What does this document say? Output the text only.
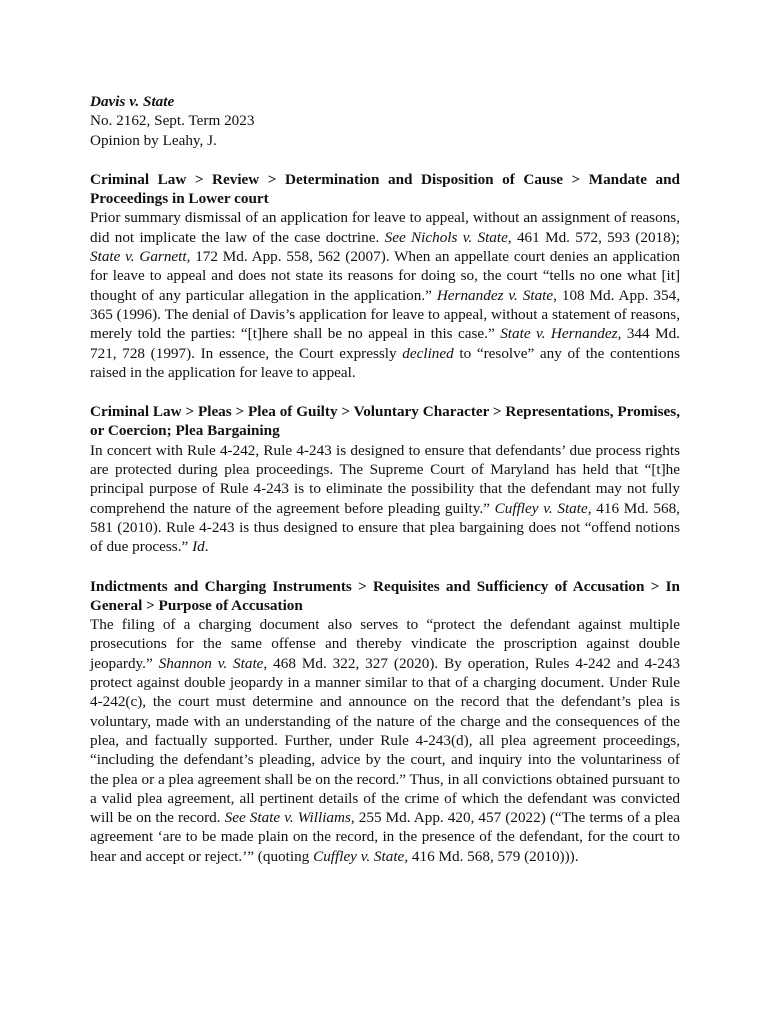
Davis v. State
No. 2162, Sept. Term 2023
Opinion by Leahy, J.
Criminal Law > Review > Determination and Disposition of Cause > Mandate and Proceedings in Lower court
Prior summary dismissal of an application for leave to appeal, without an assignment of reasons, did not implicate the law of the case doctrine. See Nichols v. State, 461 Md. 572, 593 (2018); State v. Garnett, 172 Md. App. 558, 562 (2007). When an appellate court denies an application for leave to appeal and does not state its reasons for doing so, the court “tells no one what [it] thought of any particular allegation in the application.” Hernandez v. State, 108 Md. App. 354, 365 (1996). The denial of Davis’s application for leave to appeal, without a statement of reasons, merely told the parties: “[t]here shall be no appeal in this case.” State v. Hernandez, 344 Md. 721, 728 (1997). In essence, the Court expressly declined to “resolve” any of the contentions raised in the application for leave to appeal.
Criminal Law > Pleas > Plea of Guilty > Voluntary Character > Representations, Promises, or Coercion; Plea Bargaining
In concert with Rule 4-242, Rule 4-243 is designed to ensure that defendants’ due process rights are protected during plea proceedings. The Supreme Court of Maryland has held that “[t]he principal purpose of Rule 4-243 is to eliminate the possibility that the defendant may not fully comprehend the nature of the agreement before pleading guilty.” Cuffley v. State, 416 Md. 568, 581 (2010). Rule 4-243 is thus designed to ensure that plea bargaining does not “offend notions of due process.” Id.
Indictments and Charging Instruments > Requisites and Sufficiency of Accusation > In General > Purpose of Accusation
The filing of a charging document also serves to “protect the defendant against multiple prosecutions for the same offense and thereby vindicate the proscription against double jeopardy.” Shannon v. State, 468 Md. 322, 327 (2020). By operation, Rules 4-242 and 4-243 protect against double jeopardy in a manner similar to that of a charging document. Under Rule 4-242(c), the court must determine and announce on the record that the defendant’s plea is voluntary, made with an understanding of the nature of the charge and the consequences of the plea, and factually supported. Further, under Rule 4-243(d), all plea agreement proceedings, “including the defendant’s pleading, advice by the court, and inquiry into the voluntariness of the plea or a plea agreement shall be on the record.” Thus, in all convictions obtained pursuant to a valid plea agreement, all pertinent details of the crime of which the defendant was convicted will be on the record. See State v. Williams, 255 Md. App. 420, 457 (2022) (“The terms of a plea agreement ‘are to be made plain on the record, in the presence of the defendant, for the court to hear and accept or reject.’” (quoting Cuffley v. State, 416 Md. 568, 579 (2010))).
